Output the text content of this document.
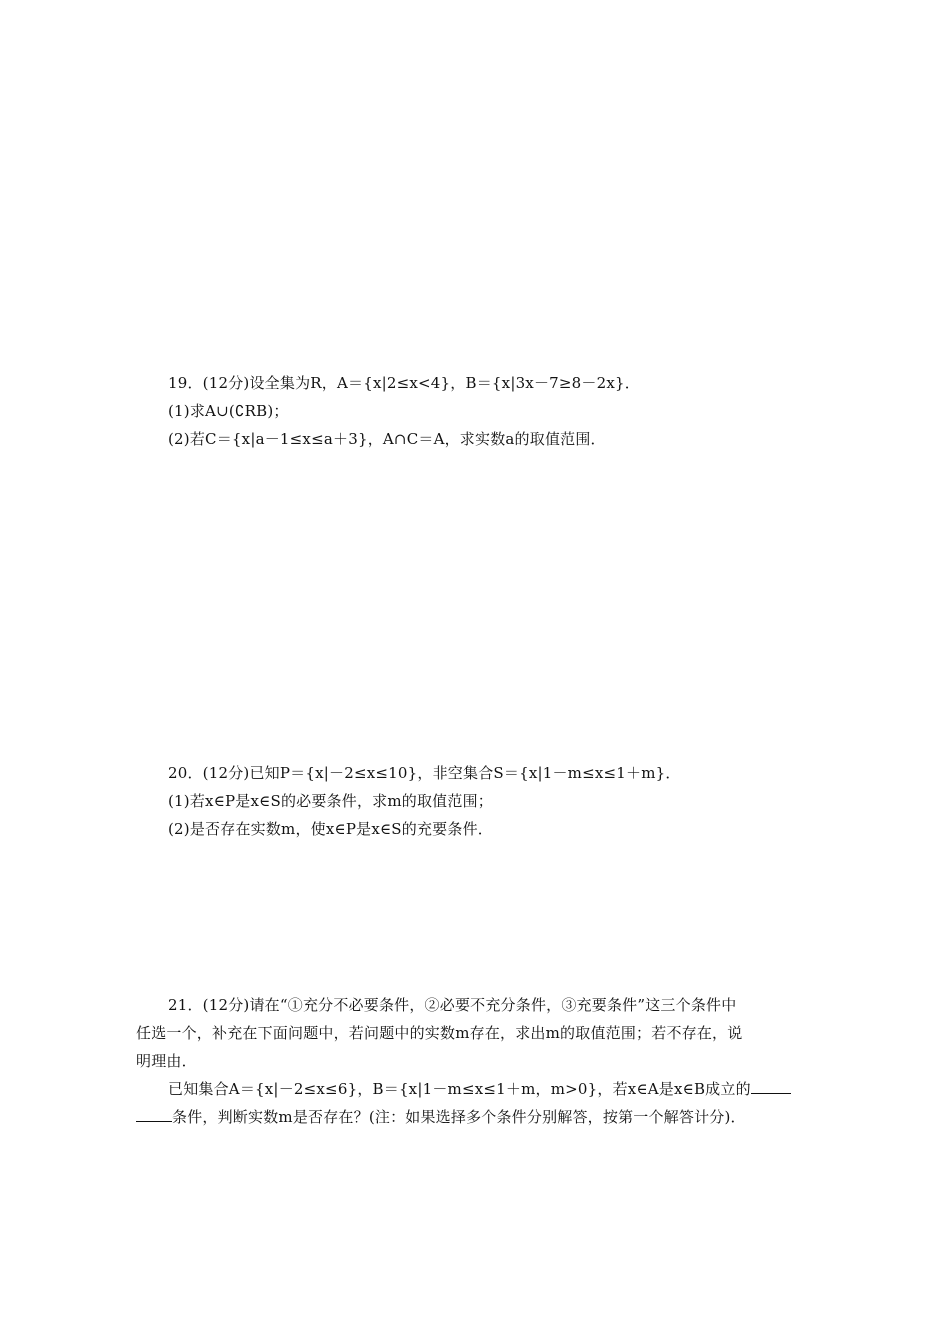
19．(12分)设全集为R，A＝{x|2≤x<4}，B＝{x|3x－7≥8－2x}．
(1)求A∪(∁RB)；
(2)若C＝{x|a－1≤x≤a＋3}，A∩C＝A，求实数a的取值范围．
20．(12分)已知P＝{x|－2≤x≤10}，非空集合S＝{x|1－m≤x≤1＋m}．
(1)若x∈P是x∈S的必要条件，求m的取值范围；
(2)是否存在实数m，使x∈P是x∈S的充要条件．
21．(12分)请在“①充分不必要条件，②必要不充分条件，③充要条件”这三个条件中
任选一个，补充在下面问题中，若问题中的实数m存在，求出m的取值范围；若不存在，说
明理由．
已知集合A＝{x|－2≤x≤6}，B＝{x|1－m≤x≤1＋m，m>0}，若x∈A是x∈B成立的
条件，判断实数m是否存在？(注：如果选择多个条件分别解答，按第一个解答计分)．
